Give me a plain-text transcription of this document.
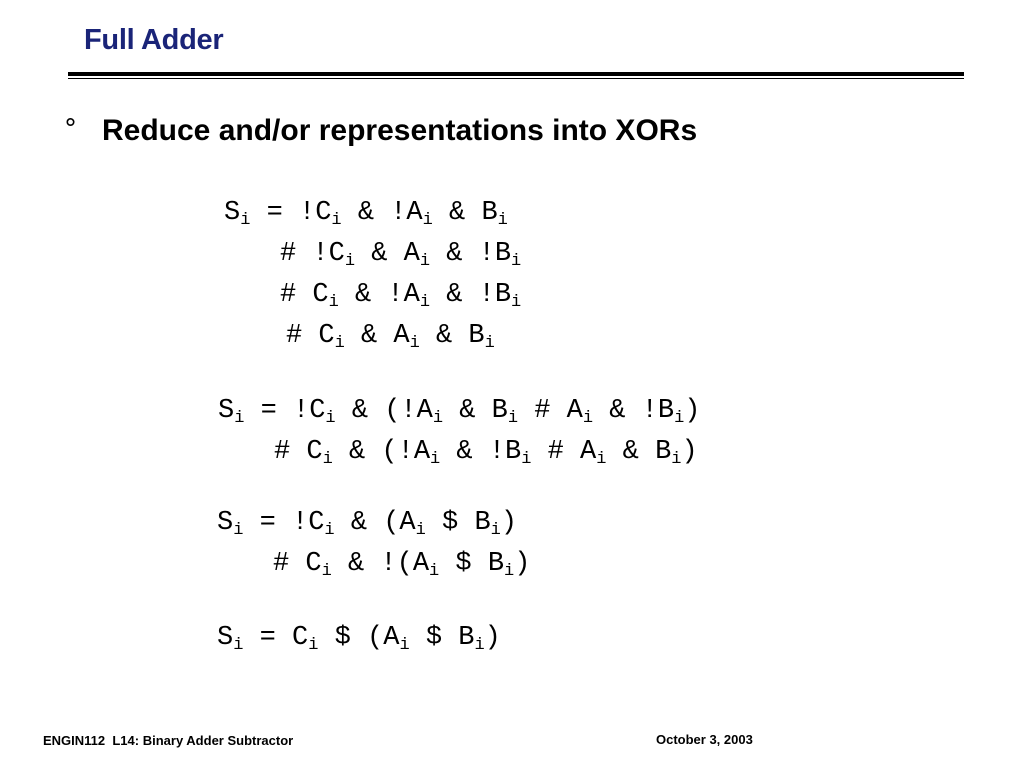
Full Adder
° Reduce and/or representations into XORs
$S_i = !C_i$ & $!A_i$ & $B_i$
# $!C_i$ & $A_i$ & $!B_i$
# $C_i$ & $!A_i$ & $!B_i$
# $C_i$ & $A_i$ & $B_i$
$S_i = !C_i$ & ($!A_i$ & $B_i$ # $A_i$ & $!B_i$)
# $C_i$ & ($!A_i$ & $!B_i$ # $A_i$ & $B_i$)
$S_i = !C_i$ & ($A_i$ $ $B_i$)
# $C_i$ & $!(A_i$ $ $B_i$)
$S_i = C_i$ $ ($A_i$ $ $B_i$)
ENGIN112  L14: Binary Adder Subtractor	October 3, 2003
